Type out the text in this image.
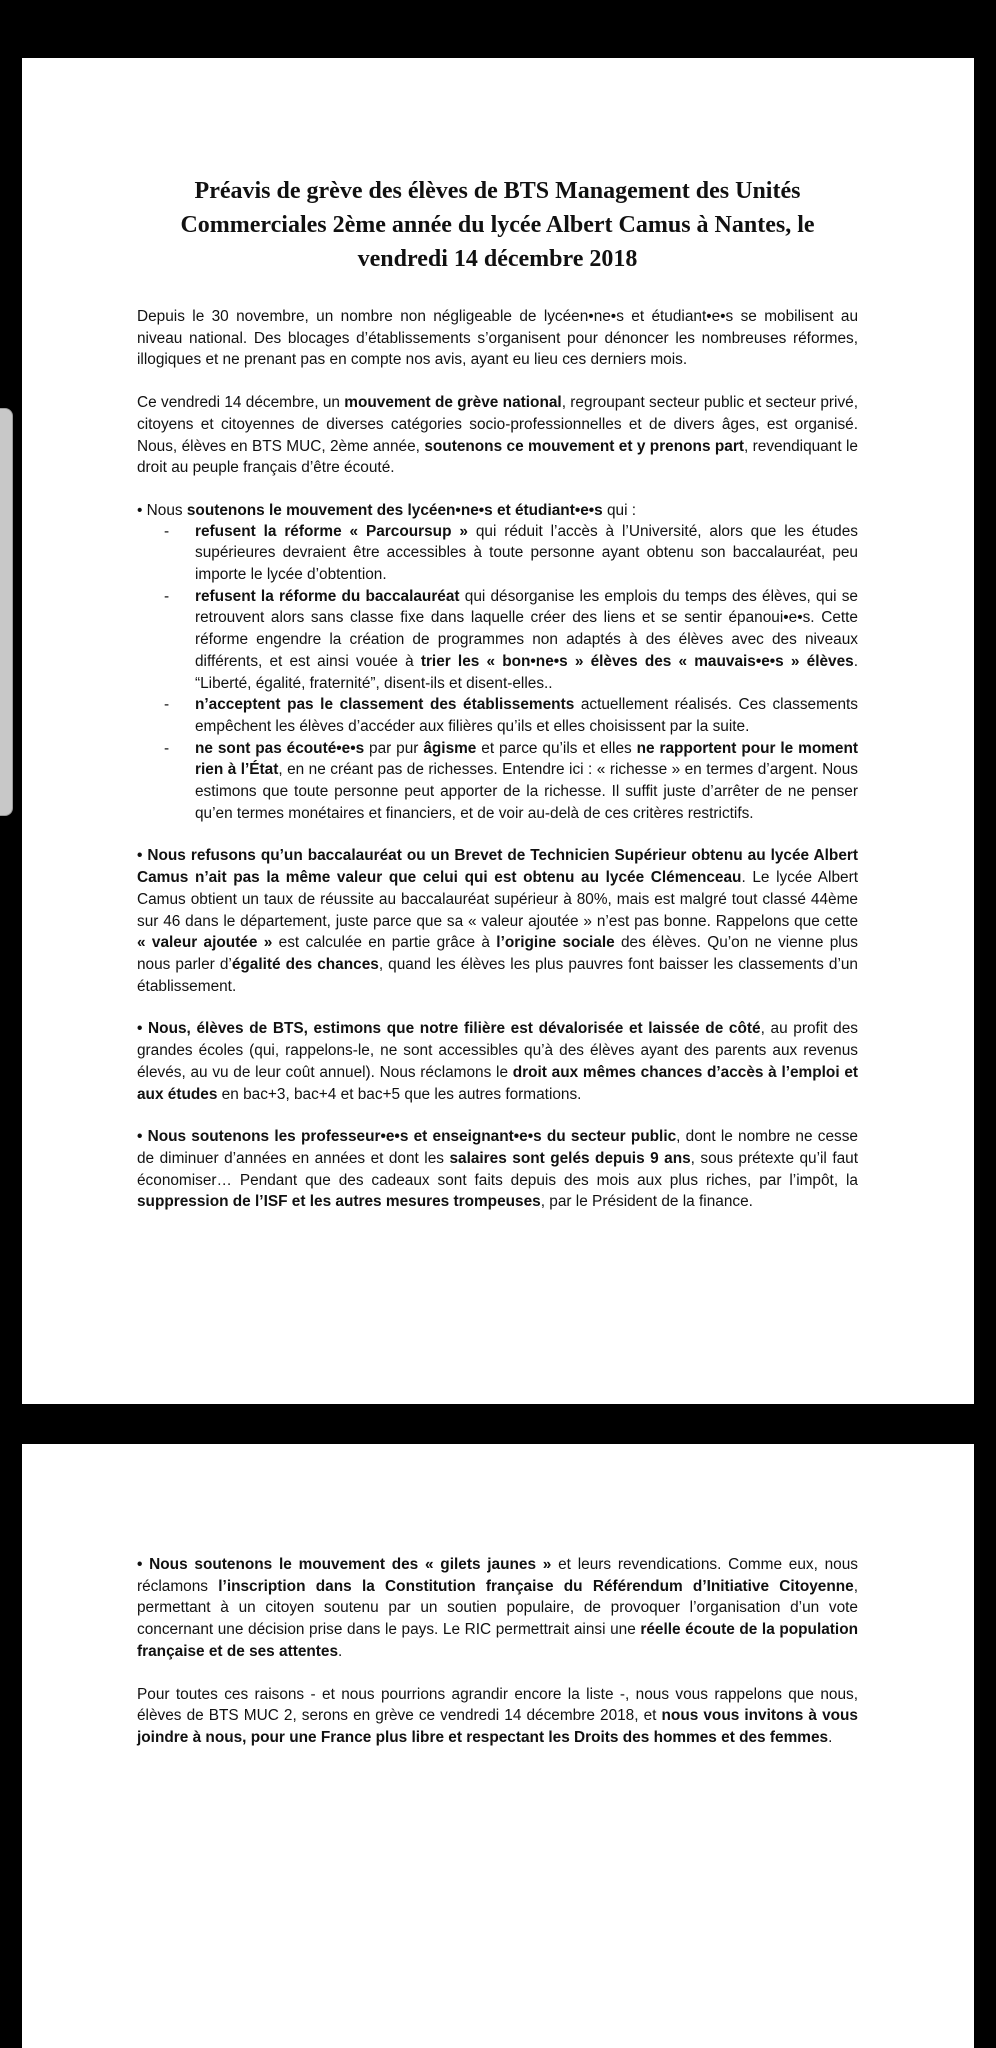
Préavis de grève des élèves de BTS Management des Unités Commerciales 2ème année du lycée Albert Camus à Nantes, le vendredi 14 décembre 2018

Depuis le 30 novembre, un nombre non négligeable de lycéen•ne•s et étudiant•e•s se mobilisent au niveau national. Des blocages d’établissements s’organisent pour dénoncer les nombreuses réformes, illogiques et ne prenant pas en compte nos avis, ayant eu lieu ces derniers mois.

Ce vendredi 14 décembre, un mouvement de grève national, regroupant secteur public et secteur privé, citoyens et citoyennes de diverses catégories socio-professionnelles et de divers âges, est organisé. Nous, élèves en BTS MUC, 2ème année, soutenons ce mouvement et y prenons part, revendiquant le droit au peuple français d’être écouté.

• Nous soutenons le mouvement des lycéen•ne•s et étudiant•e•s qui :

- refusent la réforme « Parcoursup » qui réduit l’accès à l’Université, alors que les études supérieures devraient être accessibles à toute personne ayant obtenu son baccalauréat, peu importe le lycée d’obtention.
- refusent la réforme du baccalauréat qui désorganise les emplois du temps des élèves, qui se retrouvent alors sans classe fixe dans laquelle créer des liens et se sentir épanoui•e•s. Cette réforme engendre la création de programmes non adaptés à des élèves avec des niveaux différents, et est ainsi vouée à trier les « bon•ne•s » élèves des « mauvais•e•s » élèves. “Liberté, égalité, fraternité”, disent-ils et disent-elles..
- n’acceptent pas le classement des établissements actuellement réalisés. Ces classements empêchent les élèves d’accéder aux filières qu’ils et elles choisissent par la suite.
- ne sont pas écouté•e•s par pur âgisme et parce qu’ils et elles ne rapportent pour le moment rien à l’État, en ne créant pas de richesses. Entendre ici : « richesse » en termes d’argent. Nous estimons que toute personne peut apporter de la richesse. Il suffit juste d’arrêter de ne penser qu’en termes monétaires et financiers, et de voir au-delà de ces critères restrictifs.

• Nous refusons qu’un baccalauréat ou un Brevet de Technicien Supérieur obtenu au lycée Albert Camus n’ait pas la même valeur que celui qui est obtenu au lycée Clémenceau. Le lycée Albert Camus obtient un taux de réussite au baccalauréat supérieur à 80%, mais est malgré tout classé 44ème sur 46 dans le département, juste parce que sa « valeur ajoutée » n’est pas bonne. Rappelons que cette « valeur ajoutée » est calculée en partie grâce à l’origine sociale des élèves. Qu’on ne vienne plus nous parler d’égalité des chances, quand les élèves les plus pauvres font baisser les classements d’un établissement.

• Nous, élèves de BTS, estimons que notre filière est dévalorisée et laissée de côté, au profit des grandes écoles (qui, rappelons-le, ne sont accessibles qu’à des élèves ayant des parents aux revenus élevés, au vu de leur coût annuel). Nous réclamons le droit aux mêmes chances d’accès à l’emploi et aux études en bac+3, bac+4 et bac+5 que les autres formations.

• Nous soutenons les professeur•e•s et enseignant•e•s du secteur public, dont le nombre ne cesse de diminuer d’années en années et dont les salaires sont gelés depuis 9 ans, sous prétexte qu’il faut économiser… Pendant que des cadeaux sont faits depuis des mois aux plus riches, par l’impôt, la suppression de l’ISF et les autres mesures trompeuses, par le Président de la finance.

• Nous soutenons le mouvement des « gilets jaunes » et leurs revendications. Comme eux, nous réclamons l’inscription dans la Constitution française du Référendum d’Initiative Citoyenne, permettant à un citoyen soutenu par un soutien populaire, de provoquer l’organisation d’un vote concernant une décision prise dans le pays. Le RIC permettrait ainsi une réelle écoute de la population française et de ses attentes.

Pour toutes ces raisons - et nous pourrions agrandir encore la liste -, nous vous rappelons que nous, élèves de BTS MUC 2, serons en grève ce vendredi 14 décembre 2018, et nous vous invitons à vous joindre à nous, pour une France plus libre et respectant les Droits des hommes et des femmes.
